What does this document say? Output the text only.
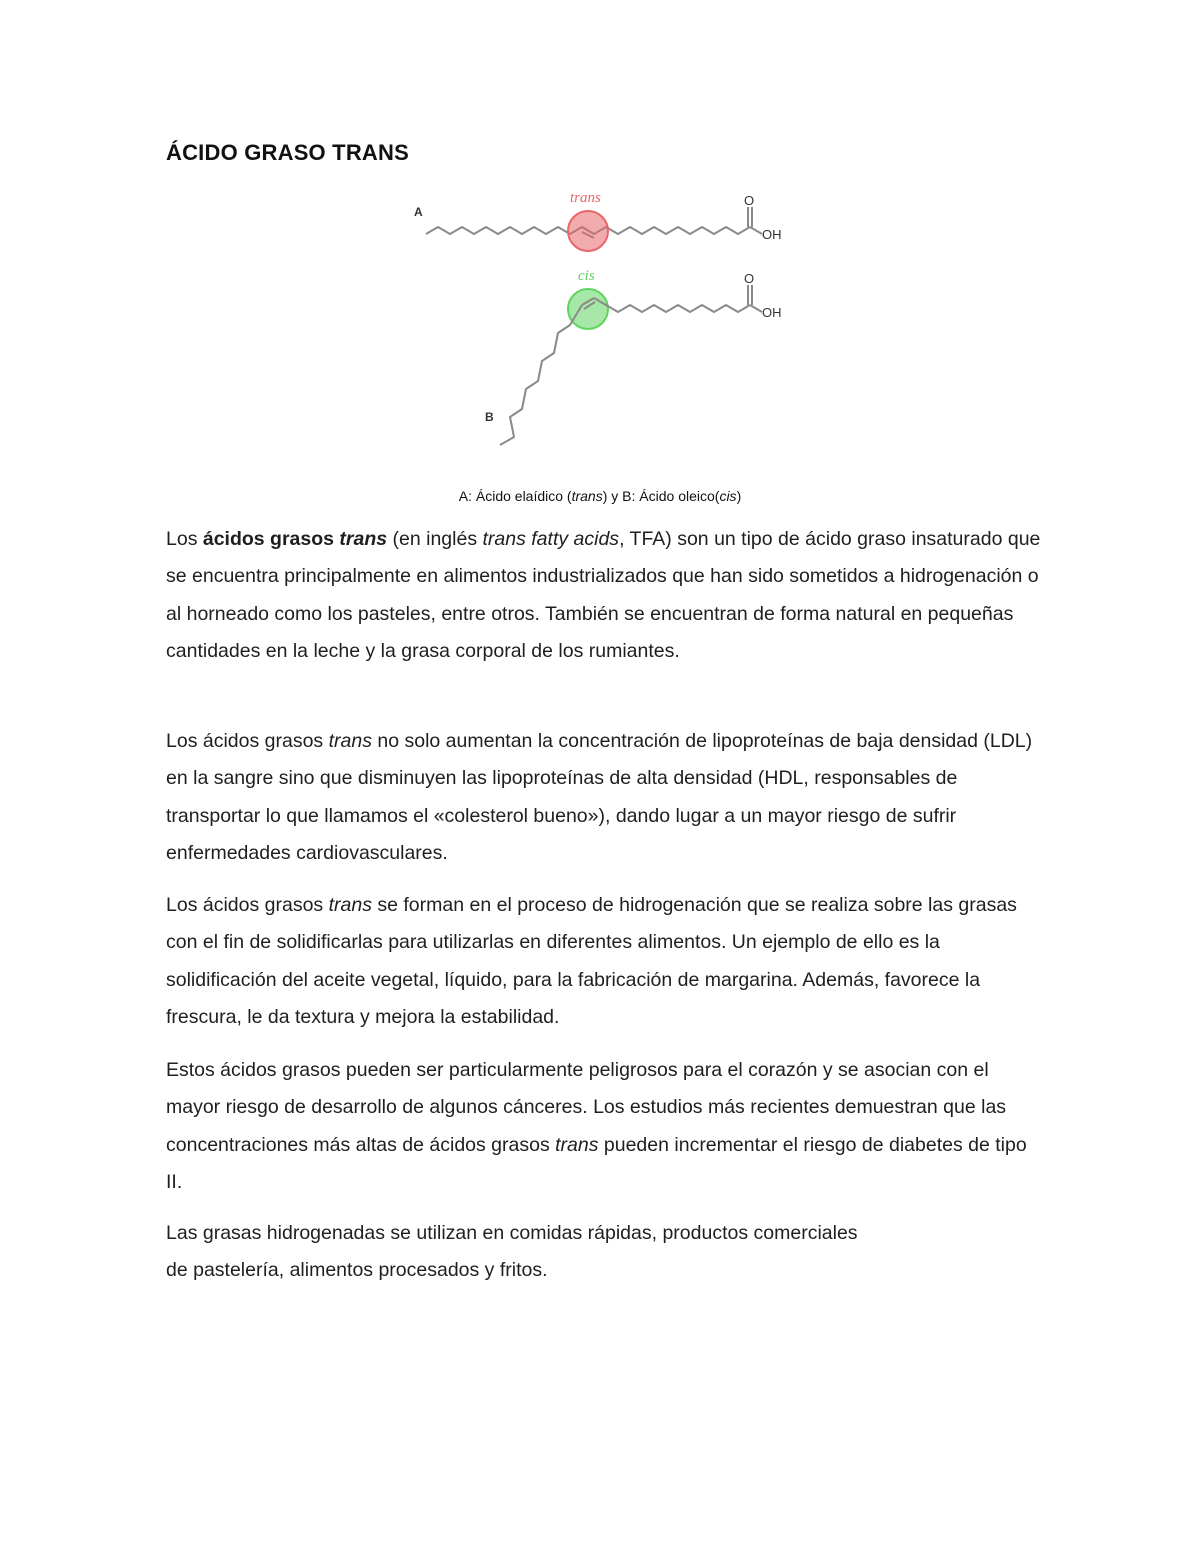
ÁCIDO GRASO TRANS
A
O
OH
trans
cis	O
OH
B

A: Ácido elaídico (trans) y B: Ácido oleico(cis)

Los ácidos grasos trans (en inglés trans fatty acids, TFA) son un tipo de ácido graso insaturado que se encuentra principalmente en alimentos industrializados que han sido sometidos a hidrogenación o al horneado como los pasteles, entre otros. También se encuentran de forma natural en pequeñas cantidades en la leche y la grasa corporal de los rumiantes.

Los ácidos grasos trans no solo aumentan la concentración de lipoproteínas de baja densidad (LDL) en la sangre sino que disminuyen las lipoproteínas de alta densidad (HDL, responsables de transportar lo que llamamos el «colesterol bueno»), dando lugar a un mayor riesgo de sufrir enfermedades cardiovasculares.

Los ácidos grasos trans se forman en el proceso de hidrogenación que se realiza sobre las grasas con el fin de solidificarlas para utilizarlas en diferentes alimentos. Un ejemplo de ello es la solidificación del aceite vegetal, líquido, para la fabricación de margarina. Además, favorece la frescura, le da textura y mejora la estabilidad.

Estos ácidos grasos pueden ser particularmente peligrosos para el corazón y se asocian con el mayor riesgo de desarrollo de algunos cánceres. Los estudios más recientes demuestran que las concentraciones más altas de ácidos grasos trans pueden incrementar el riesgo de diabetes de tipo II.

Las grasas hidrogenadas se utilizan en comidas rápidas, productos comerciales
de pastelería, alimentos procesados y fritos.
